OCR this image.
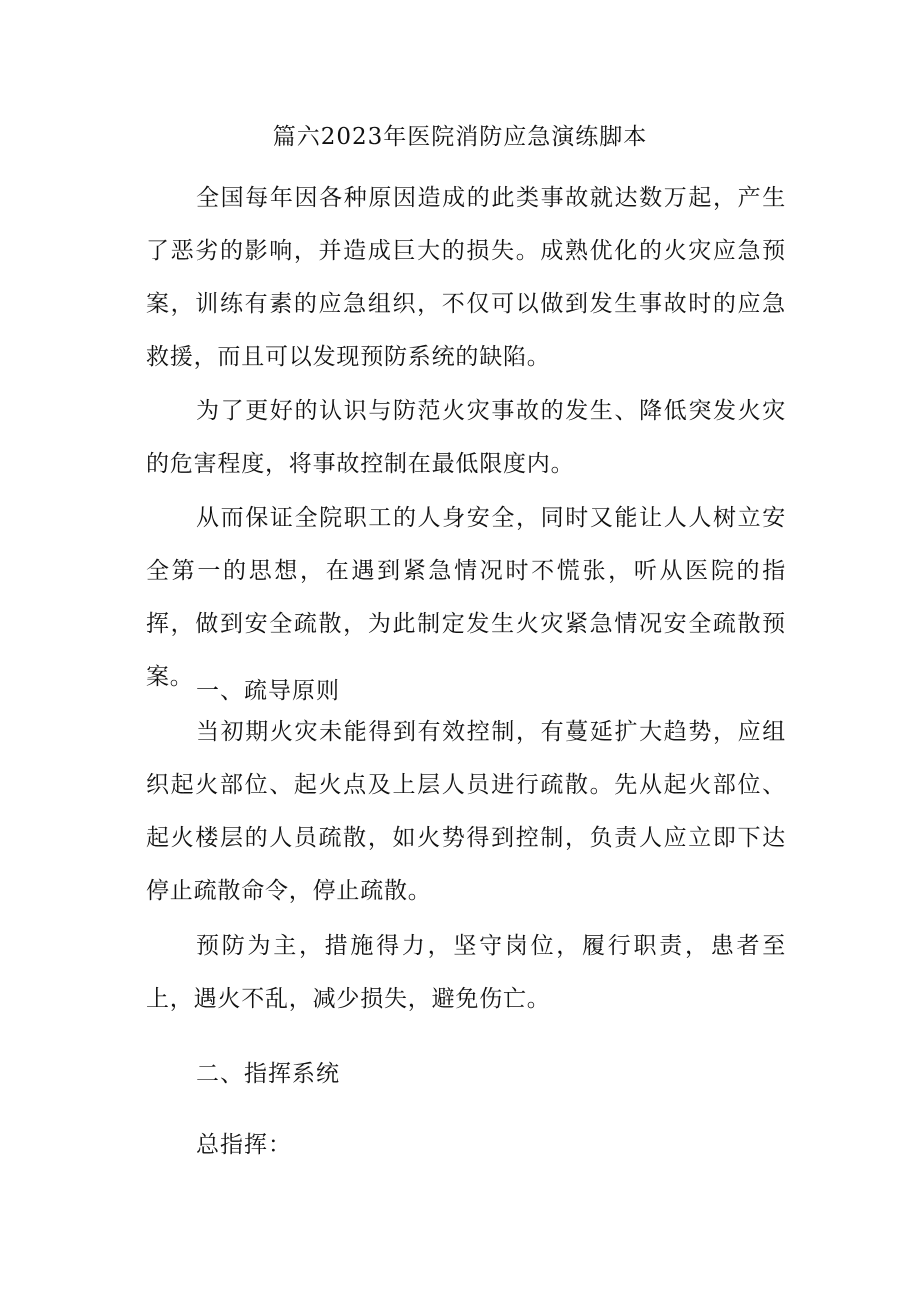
篇六2023年医院消防应急演练脚本

全国每年因各种原因造成的此类事故就达数万起，产生了恶劣的影响，并造成巨大的损失。成熟优化的火灾应急预案，训练有素的应急组织，不仅可以做到发生事故时的应急救援，而且可以发现预防系统的缺陷。

为了更好的认识与防范火灾事故的发生、降低突发火灾的危害程度，将事故控制在最低限度内。

从而保证全院职工的人身安全，同时又能让人人树立安全第一的思想，在遇到紧急情况时不慌张，听从医院的指挥，做到安全疏散，为此制定发生火灾紧急情况安全疏散预案。

一、疏导原则

当初期火灾未能得到有效控制，有蔓延扩大趋势，应组织起火部位、起火点及上层人员进行疏散。先从起火部位、起火楼层的人员疏散，如火势得到控制，负责人应立即下达停止疏散命令，停止疏散。

预防为主，措施得力，坚守岗位，履行职责，患者至上，遇火不乱，减少损失，避免伤亡。

二、指挥系统
总指挥：
